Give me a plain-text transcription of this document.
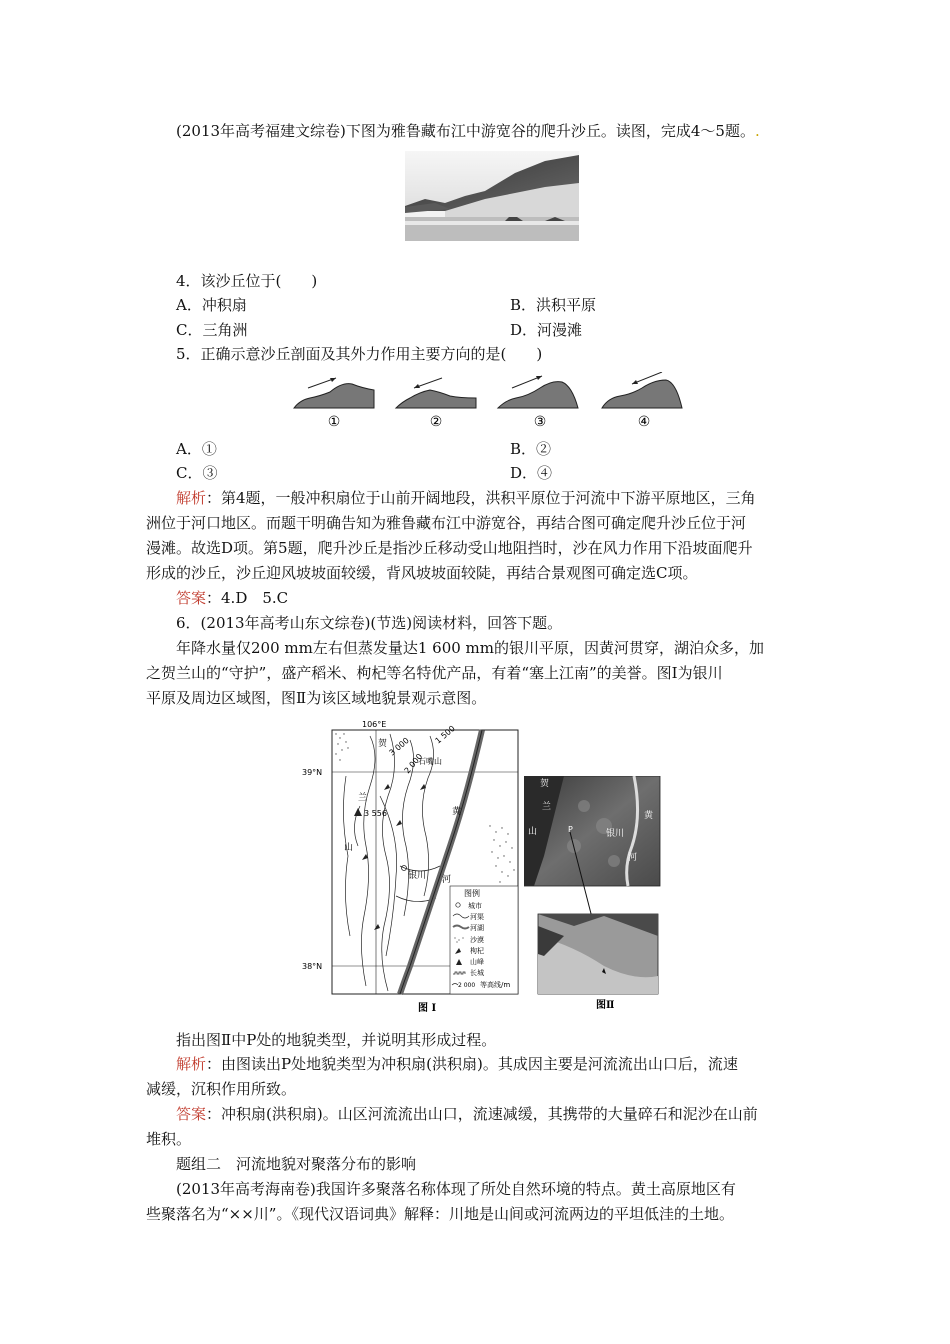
(2013年高考福建文综卷)下图为雅鲁藏布江中游宽谷的爬升沙丘。读图，完成4～5题。.
4．该沙丘位于(　　)
A．冲积扇	B．洪积平原
C．三角洲	D．河漫滩
5．正确示意沙丘剖面及其外力作用主要方向的是(　　)
①	②	③	④
A．①	B．②
C．③	D．④
解析：第4题，一般冲积扇位于山前开阔地段，洪积平原位于河流中下游平原地区，三角
洲位于河口地区。而题干明确告知为雅鲁藏布江中游宽谷，再结合图可确定爬升沙丘位于河
漫滩。故选D项。第5题，爬升沙丘是指沙丘移动受山地阻挡时，沙在风力作用下沿坡面爬升
形成的沙丘，沙丘迎风坡坡面较缓，背风坡坡面较陡，再结合景观图可确定选C项。
答案：4.D　5.C
6．(2013年高考山东文综卷)(节选)阅读材料，回答下题。
年降水量仅200 mm左右但蒸发量达1 600 mm的银川平原，因黄河贯穿，湖泊众多，加
之贺兰山的“守护”，盛产稻米、枸杞等名特优产品，有着“塞上江南”的美誉。图Ⅰ为银川
平原及周边区域图，图Ⅱ为该区域地貌景观示意图。
106°E
39°N
38°N
3 000
1 500
2 000
贺
石嘴山
兰
3 556
山
黄
河
银川
图例
城市
河渠
河湖
沙漠
枸杞
山峰
长城
2 000 等高线/m
图 Ⅰ
贺
兰
山	P	银川
黄
河
图Ⅱ
指出图Ⅱ中P处的地貌类型，并说明其形成过程。
解析：由图读出P处地貌类型为冲积扇(洪积扇)。其成因主要是河流流出山口后，流速
减缓，沉积作用所致。
答案：冲积扇(洪积扇)。山区河流流出山口，流速减缓，其携带的大量碎石和泥沙在山前
堆积。
题组二　河流地貌对聚落分布的影响
(2013年高考海南卷)我国许多聚落名称体现了所处自然环境的特点。黄土高原地区有
些聚落名为“××川”。《现代汉语词典》解释：川地是山间或河流两边的平坦低洼的土地。
